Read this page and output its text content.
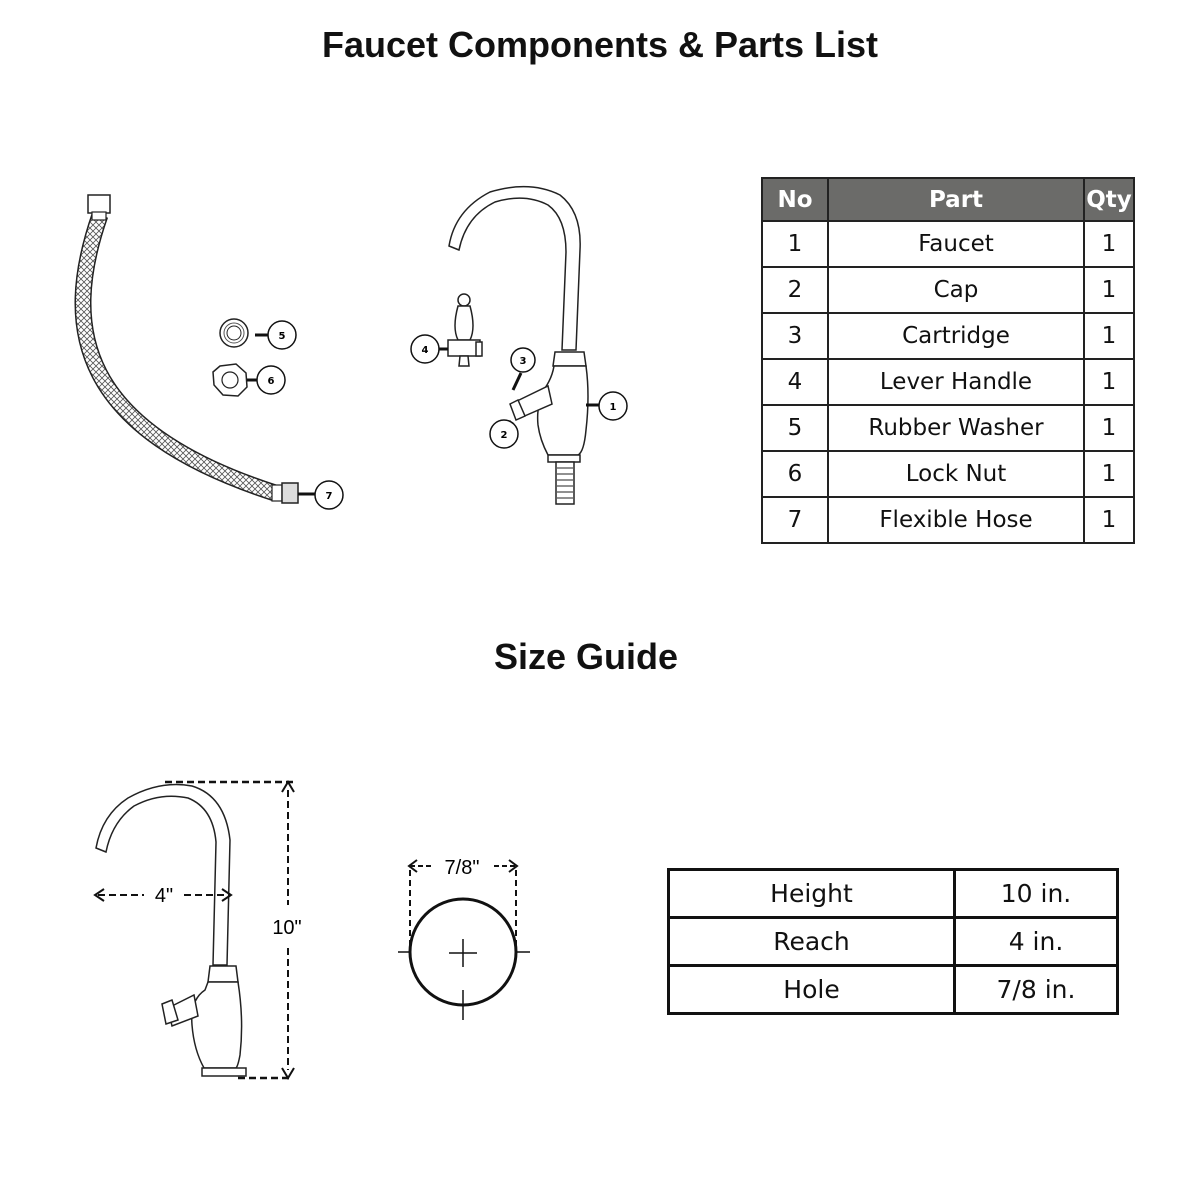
Faucet Components & Parts List
Size Guide
5
6
7
4
3
2
1
10"
4"
7/8"
No	Part	Qty
1	Faucet	1
2	Cap	1
3	Cartridge	1
4	Lever Handle	1
5	Rubber Washer	1
6	Lock Nut	1
7	Flexible Hose	1
Height	10 in.
Reach	4 in.
Hole	7/8 in.
